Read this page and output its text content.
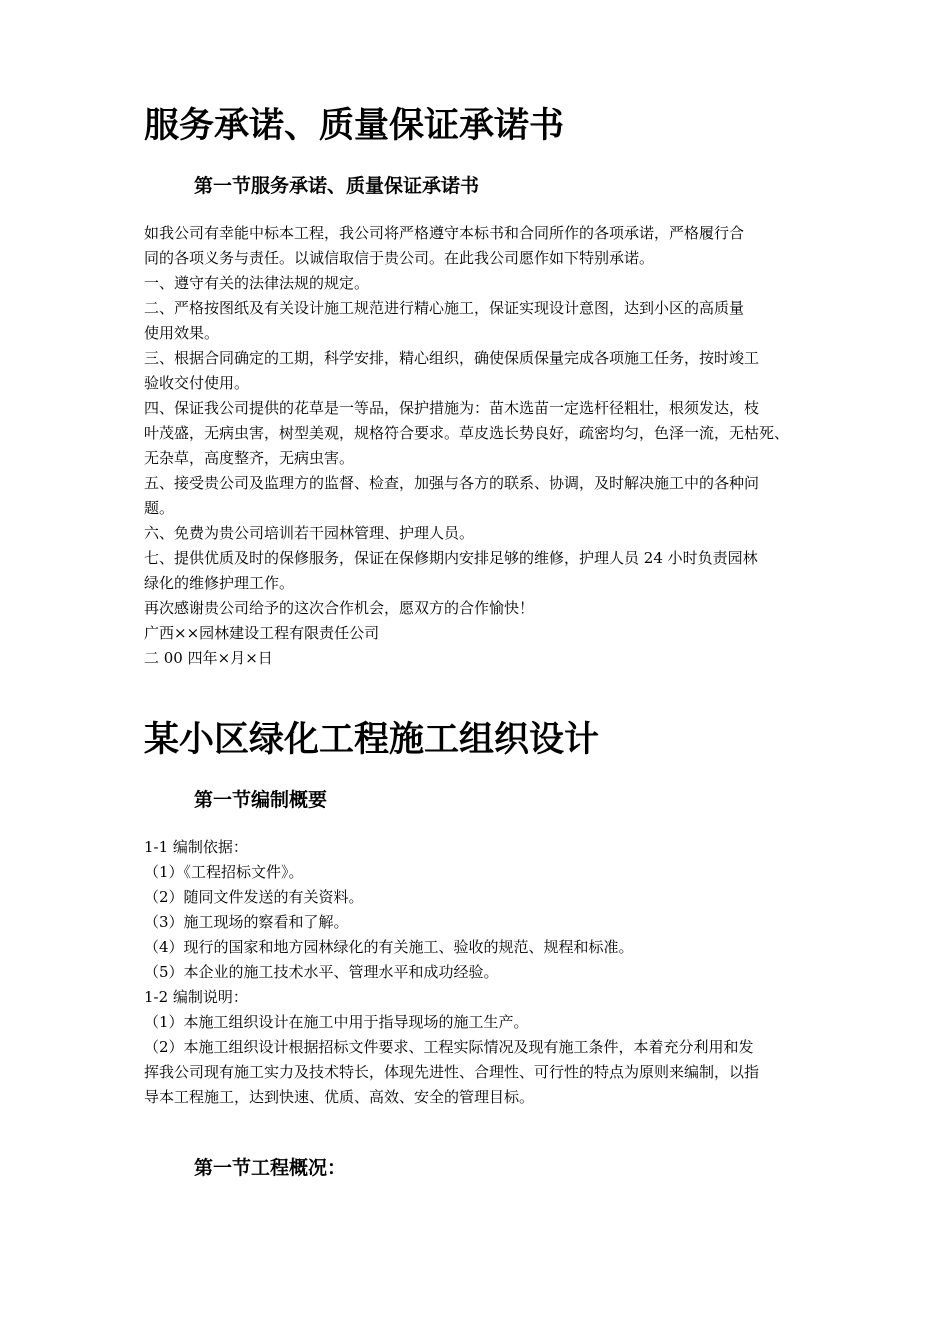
服务承诺、质量保证承诺书
第一节服务承诺、质量保证承诺书

如我公司有幸能中标本工程，我公司将严格遵守本标书和合同所作的各项承诺，严格履行合

同的各项义务与责任。以诚信取信于贵公司。在此我公司愿作如下特别承诺。

一、遵守有关的法律法规的规定。

二、严格按图纸及有关设计施工规范进行精心施工，保证实现设计意图，达到小区的高质量

使用效果。

三、根据合同确定的工期，科学安排，精心组织，确使保质保量完成各项施工任务，按时竣工

验收交付使用。

四、保证我公司提供的花草是一等品，保护措施为：苗木选苗一定选杆径粗壮，根须发达，枝

叶茂盛，无病虫害，树型美观，规格符合要求。草皮选长势良好，疏密均匀，色泽一流，无枯死、

无杂草，高度整齐，无病虫害。

五、接受贵公司及监理方的监督、检查，加强与各方的联系、协调，及时解决施工中的各种问

题。

六、免费为贵公司培训若干园林管理、护理人员。

七、提供优质及时的保修服务，保证在保修期内安排足够的维修，护理人员 24 小时负责园林

绿化的维修护理工作。

再次感谢贵公司给予的这次合作机会，愿双方的合作愉快！

广西××园林建设工程有限责任公司

二 00 四年×月×日

某小区绿化工程施工组织设计
第一节编制概要

1-1 编制依据：

（1）《工程招标文件》。

（2）随同文件发送的有关资料。

（3）施工现场的察看和了解。

（4）现行的国家和地方园林绿化的有关施工、验收的规范、规程和标准。

（5）本企业的施工技术水平、管理水平和成功经验。

1-2 编制说明：

（1）本施工组织设计在施工中用于指导现场的施工生产。

（2）本施工组织设计根据招标文件要求、工程实际情况及现有施工条件，本着充分利用和发

挥我公司现有施工实力及技术特长，体现先进性、合理性、可行性的特点为原则来编制，以指

导本工程施工，达到快速、优质、高效、安全的管理目标。

第一节工程概况：
